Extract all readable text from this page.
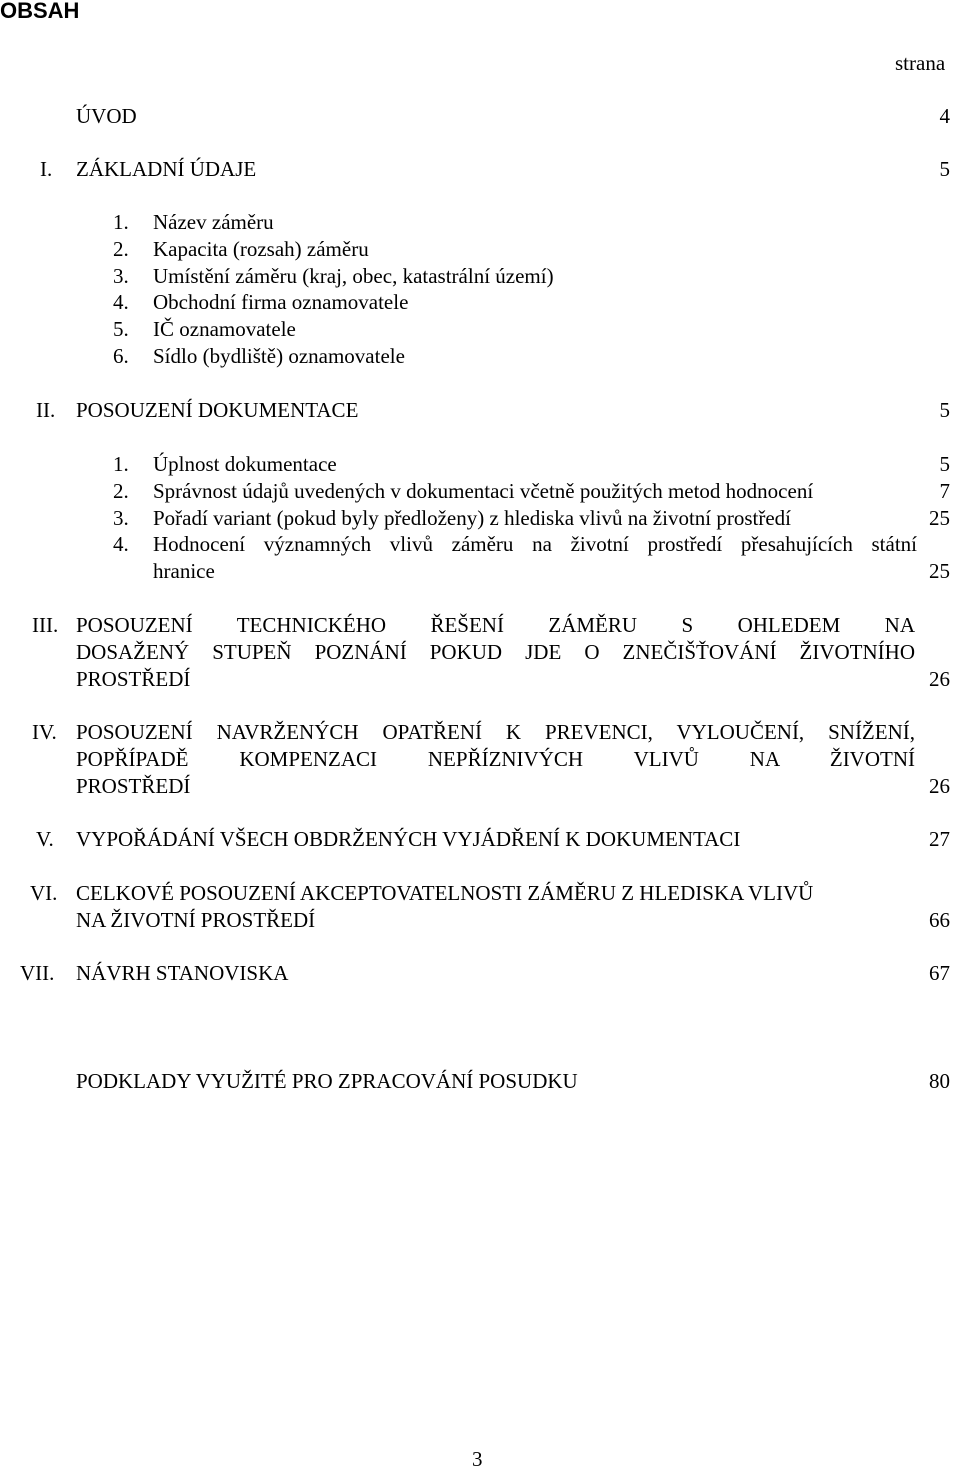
OBSAH
strana
ÚVOD	4
I. ZÁKLADNÍ ÚDAJE	5
1. Název záměru
2. Kapacita (rozsah) záměru
3. Umístění záměru (kraj, obec, katastrální území)
4. Obchodní firma oznamovatele
5. IČ oznamovatele
6. Sídlo (bydliště) oznamovatele
II. POSOUZENÍ DOKUMENTACE	5
1. Úplnost dokumentace	5
2. Správnost údajů uvedených v dokumentaci včetně použitých metod hodnocení	7
3. Pořadí variant (pokud byly předloženy) z hlediska vlivů na životní prostředí	25
4. Hodnocení významných vlivů záměru na životní prostředí přesahujících státní
hranice	25
III. POSOUZENÍ TECHNICKÉHO ŘEŠENÍ ZÁMĚRU S OHLEDEM NA
DOSAŽENÝ STUPEŇ POZNÁNÍ POKUD JDE O ZNEČIŠŤOVÁNÍ ŽIVOTNÍHO
PROSTŘEDÍ	26
IV. POSOUZENÍ NAVRŽENÝCH OPATŘENÍ K PREVENCI, VYLOUČENÍ, SNÍŽENÍ,
POPŘÍPADĚ KOMPENZACI NEPŘÍZNIVÝCH VLIVŮ NA ŽIVOTNÍ
PROSTŘEDÍ	26
V. VYPOŘÁDÁNÍ VŠECH OBDRŽENÝCH VYJÁDŘENÍ K DOKUMENTACI	27
VI. CELKOVÉ POSOUZENÍ AKCEPTOVATELNOSTI ZÁMĚRU Z HLEDISKA VLIVŮ
NA ŽIVOTNÍ PROSTŘEDÍ	66
VII. NÁVRH STANOVISKA	67
PODKLADY VYUŽITÉ PRO ZPRACOVÁNÍ POSUDKU	80
3
